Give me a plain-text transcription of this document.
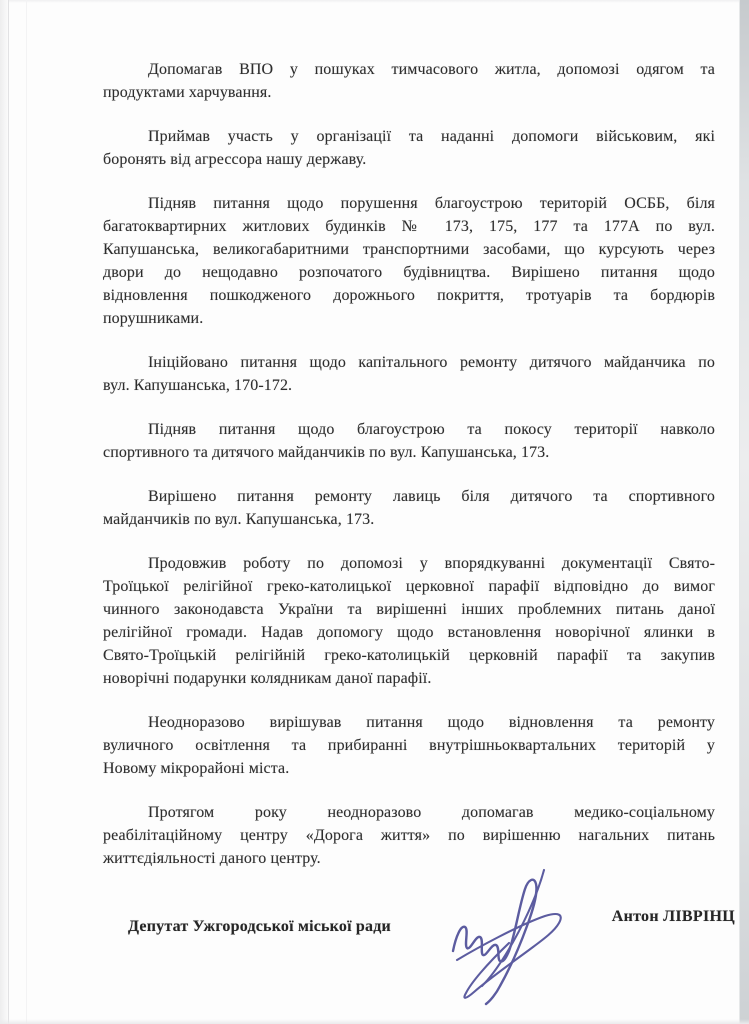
Допомагав ВПО у пошуках тимчасового житла, допомозі одягом та
продуктами харчування.
Приймав участь у організації та наданні допомоги військовим, які
боронять від агрессора нашу державу.
Підняв питання щодо порушення благоустрою територій ОСББ, біля
багатоквартирних житлових будинків № 173, 175, 177 та 177А по вул.
Капушанська, великогабаритними транспортними засобами, що курсують через
двори до нещодавно розпочатого будівництва. Вирішено питання щодо
відновлення пошкодженого дорожнього покриття, тротуарів та бордюрів
порушниками.
Ініційовано питання щодо капітального ремонту дитячого майданчика по
вул. Капушанська, 170-172.
Підняв питання щодо благоустрою та покосу території навколо
спортивного та дитячого майданчиків по вул. Капушанська, 173.
Вирішено питання ремонту лавиць біля дитячого та спортивного
майданчиків по вул. Капушанська, 173.
Продовжив роботу по допомозі у впорядкуванні документації Свято-
Троїцької релігійної греко-католицької церковної парафії відповідно до вимог
чинного законодавста України та вирішенні інших проблемних питань даної
релігійної громади. Надав допомогу щодо встановлення новорічної ялинки в
Свято-Троїцькій релігійній греко-католицькій церковній парафії та закупив
новорічні подарунки колядникам даної парафії.
Неодноразово вирішував питання щодо відновлення та ремонту
вуличного освітлення та прибиранні внутрішньоквартальних територій у
Новому мікрорайоні міста.
Протягом року неодноразово допомагав медико-соціальному
реабілітаційному центру «Дорога життя» по вирішенню нагальних питань
життєдіяльності даного центру.
Депутат Ужгородської міської ради
Антон ЛІВРІНЦ
